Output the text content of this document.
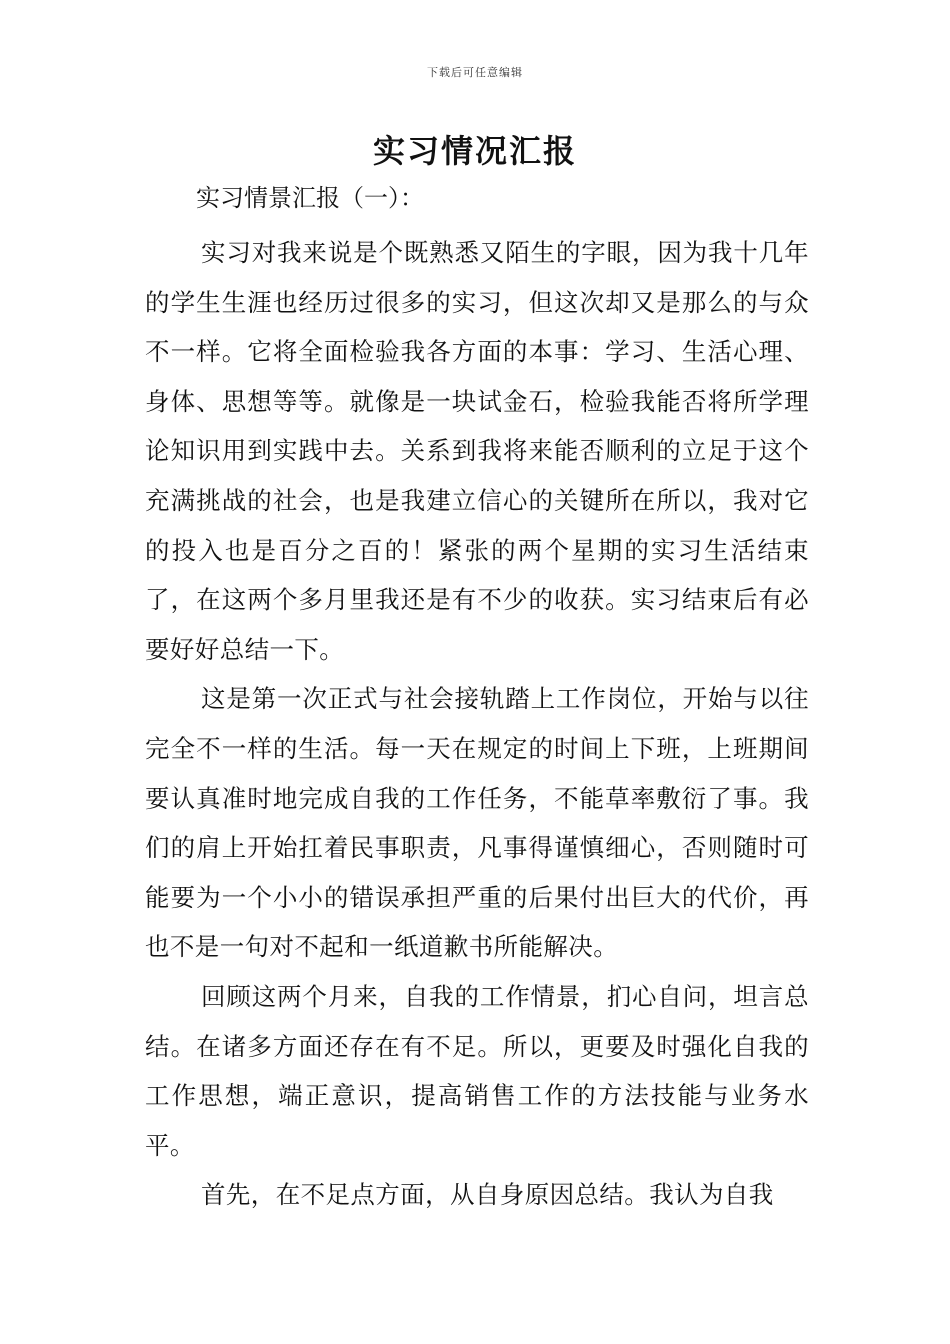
下载后可任意编辑
实习情况汇报
实习情景汇报（一）：

实习对我来说是个既熟悉又陌生的字眼，因为我十几年的学生生涯也经历过很多的实习，但这次却又是那么的与众不一样。它将全面检验我各方面的本事：学习、生活心理、身体、思想等等。就像是一块试金石，检验我能否将所学理论知识用到实践中去。关系到我将来能否顺利的立足于这个充满挑战的社会，也是我建立信心的关键所在所以，我对它的投入也是百分之百的！紧张的两个星期的实习生活结束了，在这两个多月里我还是有不少的收获。实习结束后有必要好好总结一下。

这是第一次正式与社会接轨踏上工作岗位，开始与以往完全不一样的生活。每一天在规定的时间上下班，上班期间要认真准时地完成自我的工作任务，不能草率敷衍了事。我们的肩上开始扛着民事职责，凡事得谨慎细心，否则随时可能要为一个小小的错误承担严重的后果付出巨大的代价，再也不是一句对不起和一纸道歉书所能解决。

回顾这两个月来，自我的工作情景，扪心自问，坦言总结。在诸多方面还存在有不足。所以，更要及时强化自我的工作思想，端正意识，提高销售工作的方法技能与业务水平。

首先，在不足点方面，从自身原因总结。我认为自我
